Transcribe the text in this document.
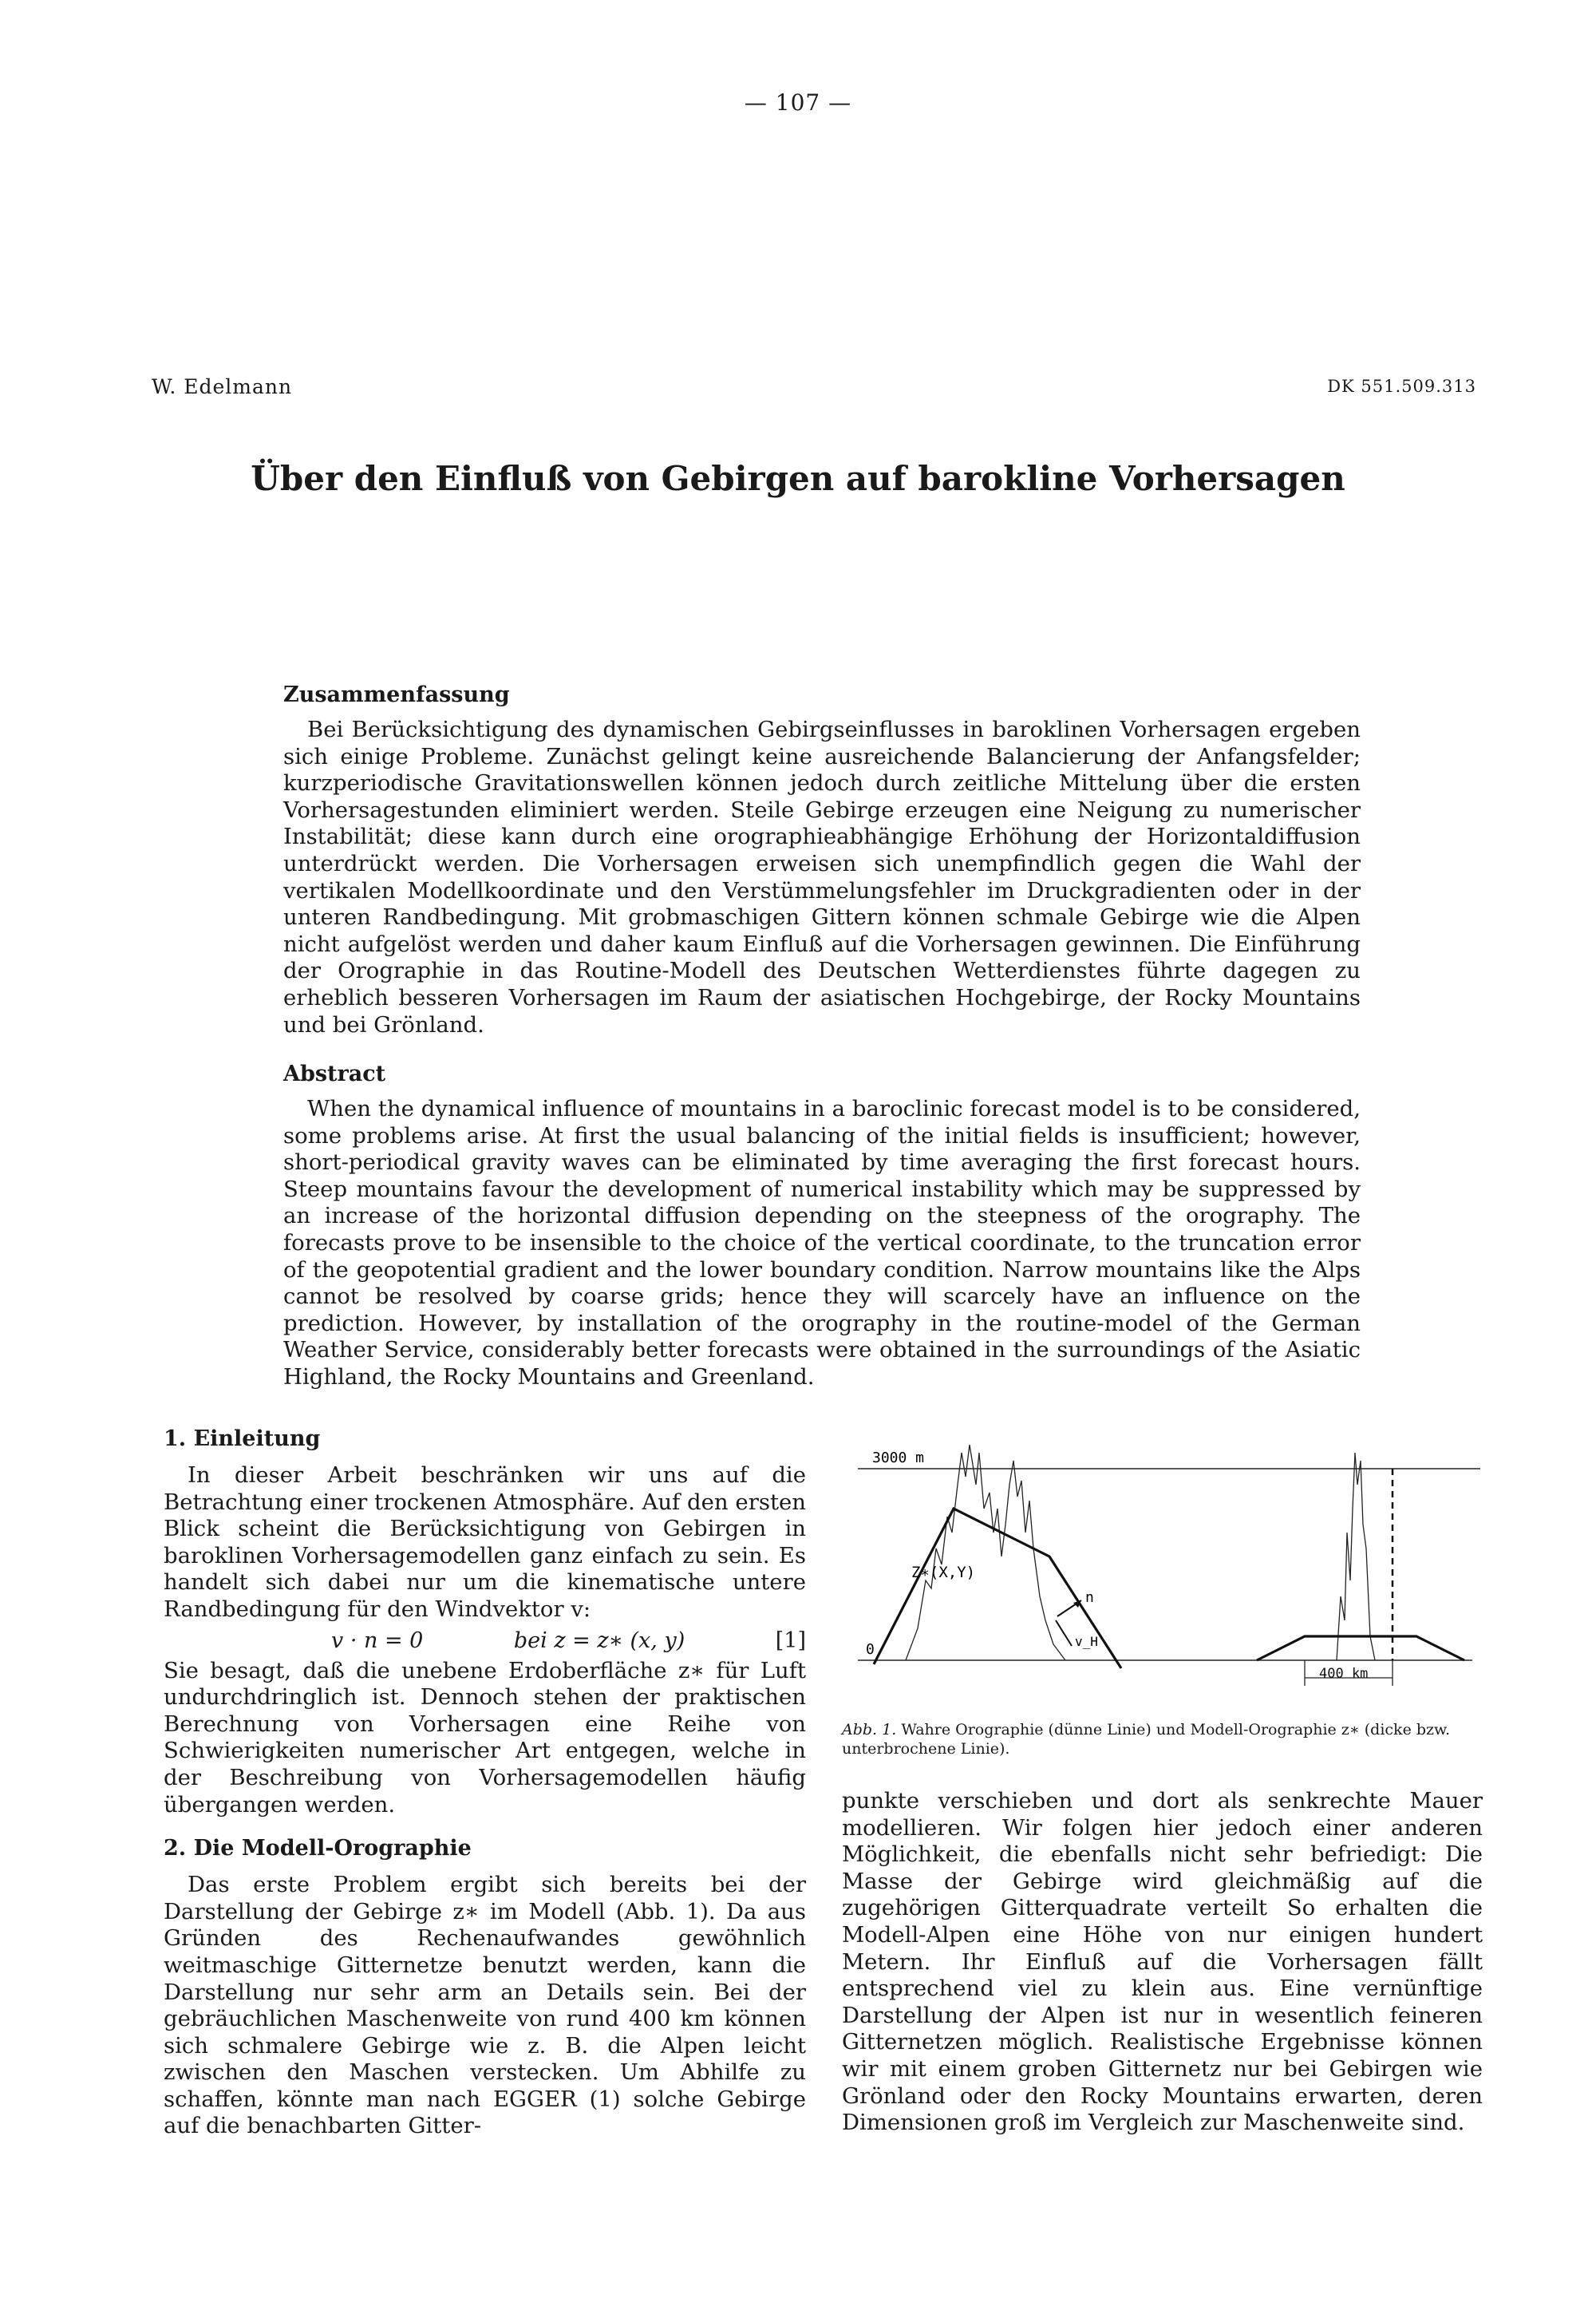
— 107 —
W. Edelmann	DK 551.509.313
Über den Einfluß von Gebirgen auf barokline Vorhersagen
Zusammenfassung
Bei Berücksichtigung des dynamischen Gebirgseinflusses in baroklinen Vorhersagen ergeben sich einige Probleme. Zunächst gelingt keine ausreichende Balancierung der Anfangsfelder; kurzperiodische Gravitationswellen können jedoch durch zeitliche Mittelung über die ersten Vorhersagestunden eliminiert werden. Steile Gebirge erzeugen eine Neigung zu numerischer Instabilität; diese kann durch eine orographieabhängige Erhöhung der Horizontaldiffusion unterdrückt werden. Die Vorhersagen erweisen sich unempfindlich gegen die Wahl der vertikalen Modellkoordinate und den Verstümmelungsfehler im Druckgradienten oder in der unteren Randbedingung. Mit grobmaschigen Gittern können schmale Gebirge wie die Alpen nicht aufgelöst werden und daher kaum Einfluß auf die Vorhersagen gewinnen. Die Einführung der Orographie in das Routine-Modell des Deutschen Wetterdienstes führte dagegen zu erheblich besseren Vorhersagen im Raum der asiatischen Hochgebirge, der Rocky Mountains und bei Grönland.
Abstract
When the dynamical influence of mountains in a baroclinic forecast model is to be considered, some problems arise. At first the usual balancing of the initial fields is insufficient; however, short-periodical gravity waves can be eliminated by time averaging the first forecast hours. Steep mountains favour the development of numerical instability which may be suppressed by an increase of the horizontal diffusion depending on the steepness of the orography. The forecasts prove to be insensible to the choice of the vertical coordinate, to the truncation error of the geopotential gradient and the lower boundary condition. Narrow mountains like the Alps cannot be resolved by coarse grids; hence they will scarcely have an influence on the prediction. However, by installation of the orography in the routine-model of the German Weather Service, considerably better forecasts were obtained in the surroundings of the Asiatic Highland, the Rocky Mountains and Greenland.
1. Einleitung
In dieser Arbeit beschränken wir uns auf die Betrachtung einer trockenen Atmosphäre. Auf den ersten Blick scheint die Berücksichtigung von Gebirgen in baroklinen Vorhersagemodellen ganz einfach zu sein. Es handelt sich dabei nur um die kinematische untere Randbedingung für den Windvektor v:
v · n = 0	bei z = z∗ (x, y)	[1]
Sie besagt, daß die unebene Erdoberfläche z∗ für Luft undurchdringlich ist. Dennoch stehen der praktischen Berechnung von Vorhersagen eine Reihe von Schwierigkeiten numerischer Art entgegen, welche in der Beschreibung von Vorhersagemodellen häufig übergangen werden.
2. Die Modell-Orographie
Das erste Problem ergibt sich bereits bei der Darstellung der Gebirge z∗ im Modell (Abb. 1). Da aus Gründen des Rechenaufwandes gewöhnlich weitmaschige Gitternetze benutzt werden, kann die Darstellung nur sehr arm an Details sein. Bei der gebräuchlichen Maschenweite von rund 400 km können sich schmalere Gebirge wie z. B. die Alpen leicht zwischen den Maschen verstecken. Um Abhilfe zu schaffen, könnte man nach EGGER (1) solche Gebirge auf die benachbarten Gitter-
3000 m
0
Z∗(X,Y)
n
v_H
400 km
Abb. 1. Wahre Orographie (dünne Linie) und Modell-Orographie z∗ (dicke bzw. unterbrochene Linie).
punkte verschieben und dort als senkrechte Mauer modellieren. Wir folgen hier jedoch einer anderen Möglichkeit, die ebenfalls nicht sehr befriedigt: Die Masse der Gebirge wird gleichmäßig auf die zugehörigen Gitterquadrate verteilt So erhalten die Modell-Alpen eine Höhe von nur einigen hundert Metern. Ihr Einfluß auf die Vorhersagen fällt entsprechend viel zu klein aus. Eine vernünftige Darstellung der Alpen ist nur in wesentlich feineren Gitternetzen möglich. Realistische Ergebnisse können wir mit einem groben Gitternetz nur bei Gebirgen wie Grönland oder den Rocky Mountains erwarten, deren Dimensionen groß im Vergleich zur Maschenweite sind.
